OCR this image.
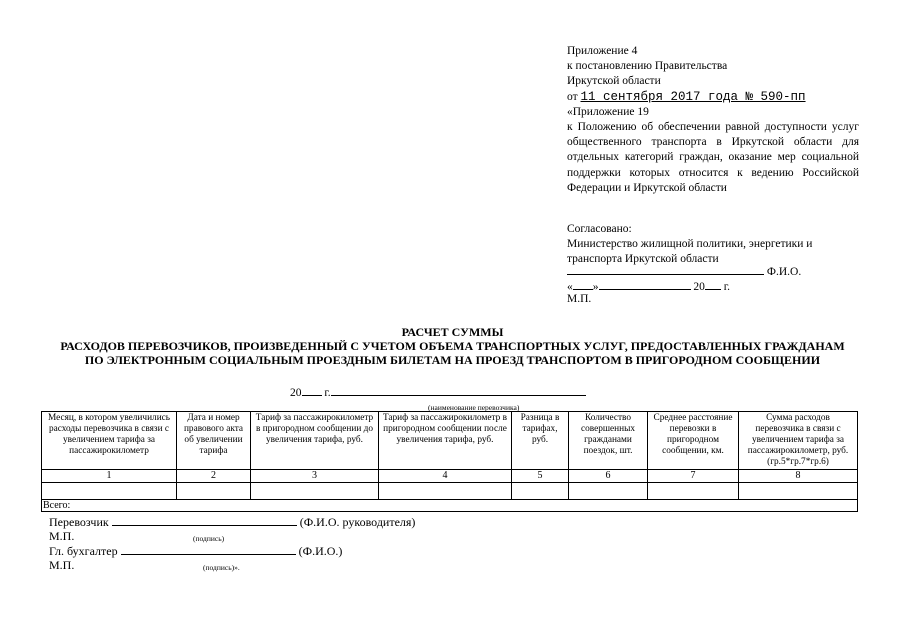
Приложение 4
к постановлению Правительства
Иркутской области
от 11 сентября 2017 года № 590-пп
«Приложение 19
к Положению об обеспечении равной доступности услуг общественного транспорта в Иркутской области для отдельных категорий граждан, оказание мер социальной поддержки которых относится к ведению Российской Федерации и Иркутской области
Согласовано:
Министерство жилищной политики, энергетики и транспорта Иркутской области
Ф.И.О.
« »	20 г.
М.П.
РАСЧЕТ СУММЫ
РАСХОДОВ ПЕРЕВОЗЧИКОВ, ПРОИЗВЕДЕННЫЙ С УЧЕТОМ ОБЪЕМА ТРАНСПОРТНЫХ УСЛУГ, ПРЕДОСТАВЛЕННЫХ ГРАЖДАНАМ ПО ЭЛЕКТРОННЫМ СОЦИАЛЬНЫМ ПРОЕЗДНЫМ БИЛЕТАМ НА ПРОЕЗД ТРАНСПОРТОМ В ПРИГОРОДНОМ СООБЩЕНИИ
20 г.
(наименование перевозчика)
Месяц, в котором увеличились расходы перевозчика в связи с увеличением тарифа за пассажирокилометр	Дата и номер правового акта об увеличении тарифа	Тариф за пассажирокилометр в пригородном сообщении до увеличения тарифа, руб.	Тариф за пассажирокилометр в пригородном сообщении после увеличения тарифа, руб.	Разница в тарифах, руб.	Количество совершенных гражданами поездок, шт.	Среднее расстояние перевозки в пригородном сообщении, км.	Сумма расходов перевозчика в связи с увеличением тарифа за пассажирокилометр, руб. (гр.5*гр.7*гр.6)
1	2	3	4	5	6	7	8

Всего:							
Перевозчик	(Ф.И.О. руководителя)
М.П.	(подпись)
Гл. бухгалтер	(Ф.И.О.)
М.П.	(подпись)».
